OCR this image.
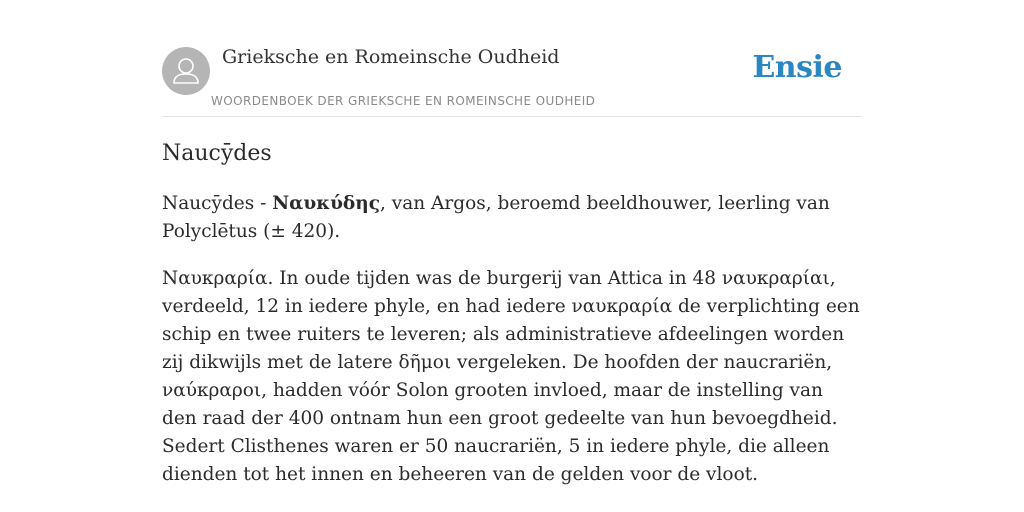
Grieksche en Romeinsche Oudheid
WOORDENBOEK DER GRIEKSCHE EN ROMEINSCHE OUDHEID
Ensie
Naucȳdes

Naucȳdes - Ναυκύδης, van Argos, beroemd beeldhouwer, leerling van Polyclētus (± 420).

Ναυκραρία. In oude tijden was de burgerij van Attica in 48 ναυκραρίαι, verdeeld, 12 in iedere phyle, en had iedere ναυκραρία de verplichting een schip en twee ruiters te leveren; als administratieve afdeelingen worden zij dikwijls met de latere δῆμοι vergeleken. De hoofden der naucrariën, ναύκραροι, hadden vóór Solon grooten invloed, maar de instelling van den raad der 400 ontnam hun een groot gedeelte van hun bevoegdheid. Sedert Clisthenes waren er 50 naucrariën, 5 in iedere phyle, die alleen dienden tot het innen en beheeren van de gelden voor de vloot.
